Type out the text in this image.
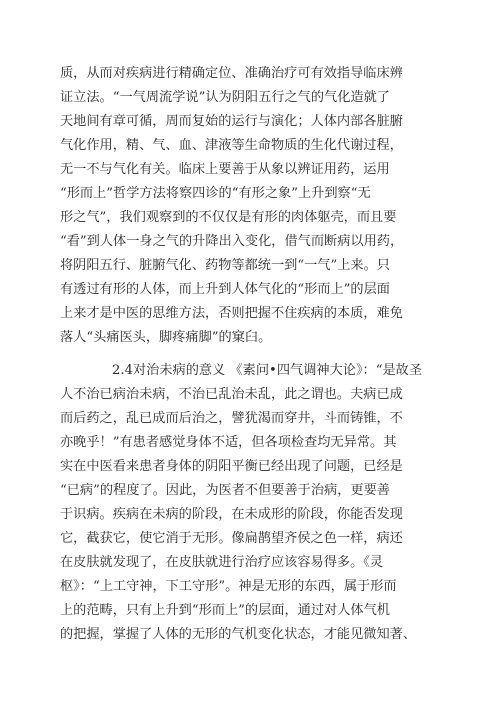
质，从而对疾病进行精确定位、准确治疗可有效指导临床辨
证立法。“一气周流学说”认为阴阳五行之气的气化造就了
天地间有章可循，周而复始的运行与演化；人体内部各脏腑
气化作用，精、气、血、津液等生命物质的生化代谢过程，
无一不与气化有关。临床上要善于从象以辨证用药，运用
“形而上”哲学方法将察四诊的“有形之象”上升到察“无
形之气”，我们观察到的不仅仅是有形的肉体躯壳，而且要
“看”到人体一身之气的升降出入变化，借气而断病以用药，
将阴阳五行、脏腑气化、药物等都统一到“一气”上来。只
有透过有形的人体，而上升到人体气化的“形而上”的层面
上来才是中医的思维方法，否则把握不住疾病的本质，难免
落人“头痛医头，脚疼痛脚”的窠臼。
2.4对治未病的意义 《素问•四气调神大论》：“是故圣
人不治已病治未病，不治已乱治未乱，此之谓也。夫病已成
而后药之，乱已成而后治之，譬犹渴而穿井，斗而铸锥，不
亦晚乎！”有患者感觉身体不适，但各项检查均无异常。其
实在中医看来患者身体的阴阳平衡已经出现了问题，已经是
“已病”的程度了。因此，为医者不但要善于治病，更要善
于识病。疾病在未病的阶段，在未成形的阶段，你能否发现
它，截获它，使它消于无形。像扁鹊望齐侯之色一样，病还
在皮肤就发现了，在皮肤就进行治疗应该容易得多。《灵
枢》：“上工守神，下工守形”。神是无形的东西，属于形而
上的范畴，只有上升到“形而上”的层面，通过对人体气机
的把握，掌握了人体的无形的气机变化状态，才能见微知著、
